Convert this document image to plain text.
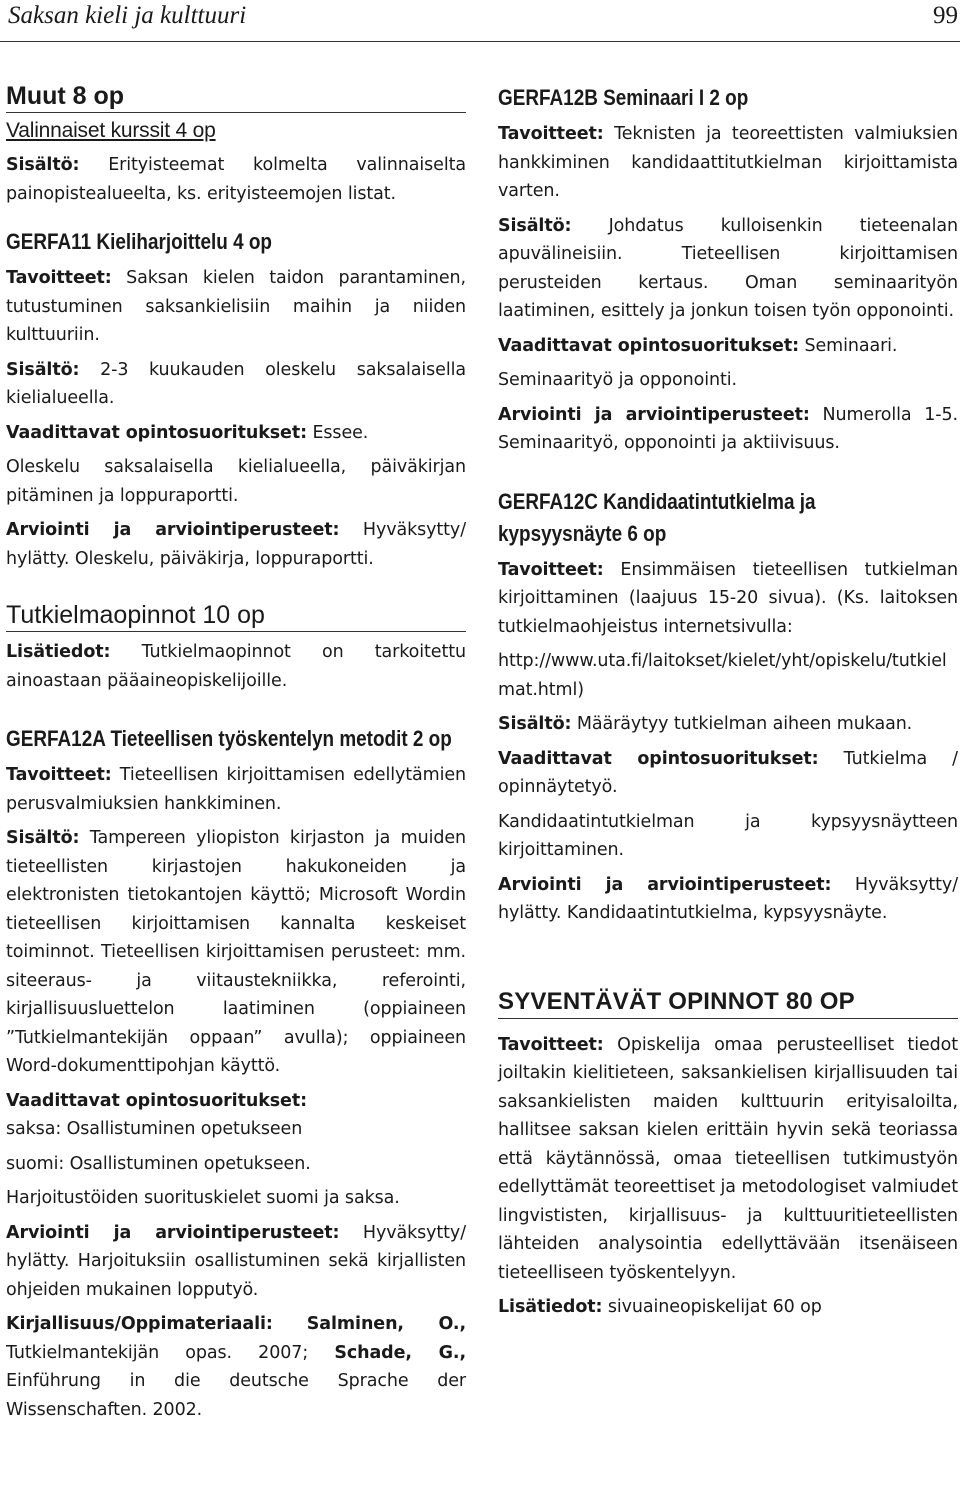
Saksan kieli ja kulttuuri	99
Muut 8 op
Valinnaiset kurssit 4 op

Sisältö: Erityisteemat kolmelta valinnaiselta painopistealueelta, ks. erityisteemojen listat.

GERFA11 Kieliharjoittelu 4 op

Tavoitteet: Saksan kielen taidon parantaminen, tutustuminen saksankielisiin maihin ja niiden kulttuuriin.

Sisältö: 2-3 kuukauden oleskelu saksalaisella kielialueella.

Vaadittavat opintosuoritukset: Essee.

Oleskelu saksalaisella kielialueella, päiväkirjan pitäminen ja loppuraportti.

Arviointi ja arviointiperusteet: Hyväksytty/ hylätty. Oleskelu, päiväkirja, loppuraportti.

Tutkielmaopinnot 10 op

Lisätiedot: Tutkielmaopinnot on tarkoitettu ainoastaan pääaineopiskelijoille.

GERFA12A Tieteellisen työskentelyn metodit 2 op

Tavoitteet: Tieteellisen kirjoittamisen edellytämien perusvalmiuksien hankkiminen.

Sisältö: Tampereen yliopiston kirjaston ja muiden tieteellisten kirjastojen hakukoneiden ja elektronisten tietokantojen käyttö; Microsoft Wordin tieteellisen kirjoittamisen kannalta keskeiset toiminnot. Tieteellisen kirjoittamisen perusteet: mm. siteeraus- ja viitaustekniikka, referointi, kirjallisuusluettelon laatiminen (oppiaineen ”Tutkielmantekijän oppaan” avulla); oppiaineen Word-dokumenttipohjan käyttö.

Vaadittavat opintosuoritukset:

saksa: Osallistuminen opetukseen

suomi: Osallistuminen opetukseen.

Harjoitustöiden suorituskielet suomi ja saksa.

Arviointi ja arviointiperusteet: Hyväksytty/ hylätty. Harjoituksiin osallistuminen sekä kirjallisten ohjeiden mukainen lopputyö.

Kirjallisuus/Oppimateriaali: Salminen, O., Tutkielmantekijän opas. 2007; Schade, G., Einführung in die deutsche Sprache der Wissenschaften. 2002.

GERFA12B Seminaari I 2 op

Tavoitteet: Teknisten ja teoreettisten valmiuksien hankkiminen kandidaattitutkielman kirjoittamista varten.

Sisältö: Johdatus kulloisenkin tieteenalan apuvälineisiin. Tieteellisen kirjoittamisen perusteiden kertaus. Oman seminaarityön laatiminen, esittely ja jonkun toisen työn opponointi.

Vaadittavat opintosuoritukset: Seminaari.

Seminaarityö ja opponointi.

Arviointi ja arviointiperusteet: Numerolla 1-5. Seminaarityö, opponointi ja aktiivisuus.

GERFA12C Kandidaatintutkielma ja kypsyysnäyte 6 op

Tavoitteet: Ensimmäisen tieteellisen tutkielman kirjoittaminen (laajuus 15-20 sivua). (Ks. laitoksen tutkielmaohjeistus internetsivulla:

http://www.uta.fi/laitokset/kielet/yht/opiskelu/tutkielmat.html)

Sisältö: Määräytyy tutkielman aiheen mukaan.

Vaadittavat opintosuoritukset: Tutkielma / opinnäytetyö.

Kandidaatintutkielman ja kypsyysnäytteen kirjoittaminen.

Arviointi ja arviointiperusteet: Hyväksytty/ hylätty. Kandidaatintutkielma, kypsyysnäyte.

SYVENTÄVÄT OPINNOT 80 OP

Tavoitteet: Opiskelija omaa perusteelliset tiedot joiltakin kielitieteen, saksankielisen kirjallisuuden tai saksankielisten maiden kulttuurin erityisaloilta, hallitsee saksan kielen erittäin hyvin sekä teoriassa että käytännössä, omaa tieteellisen tutkimustyön edellyttämät teoreettiset ja metodologiset valmiudet lingvististen, kirjallisuus- ja kulttuuritieteellisten lähteiden analysointia edellyttävään itsenäiseen tieteelliseen työskentelyyn.

Lisätiedot: sivuaineopiskelijat 60 op
